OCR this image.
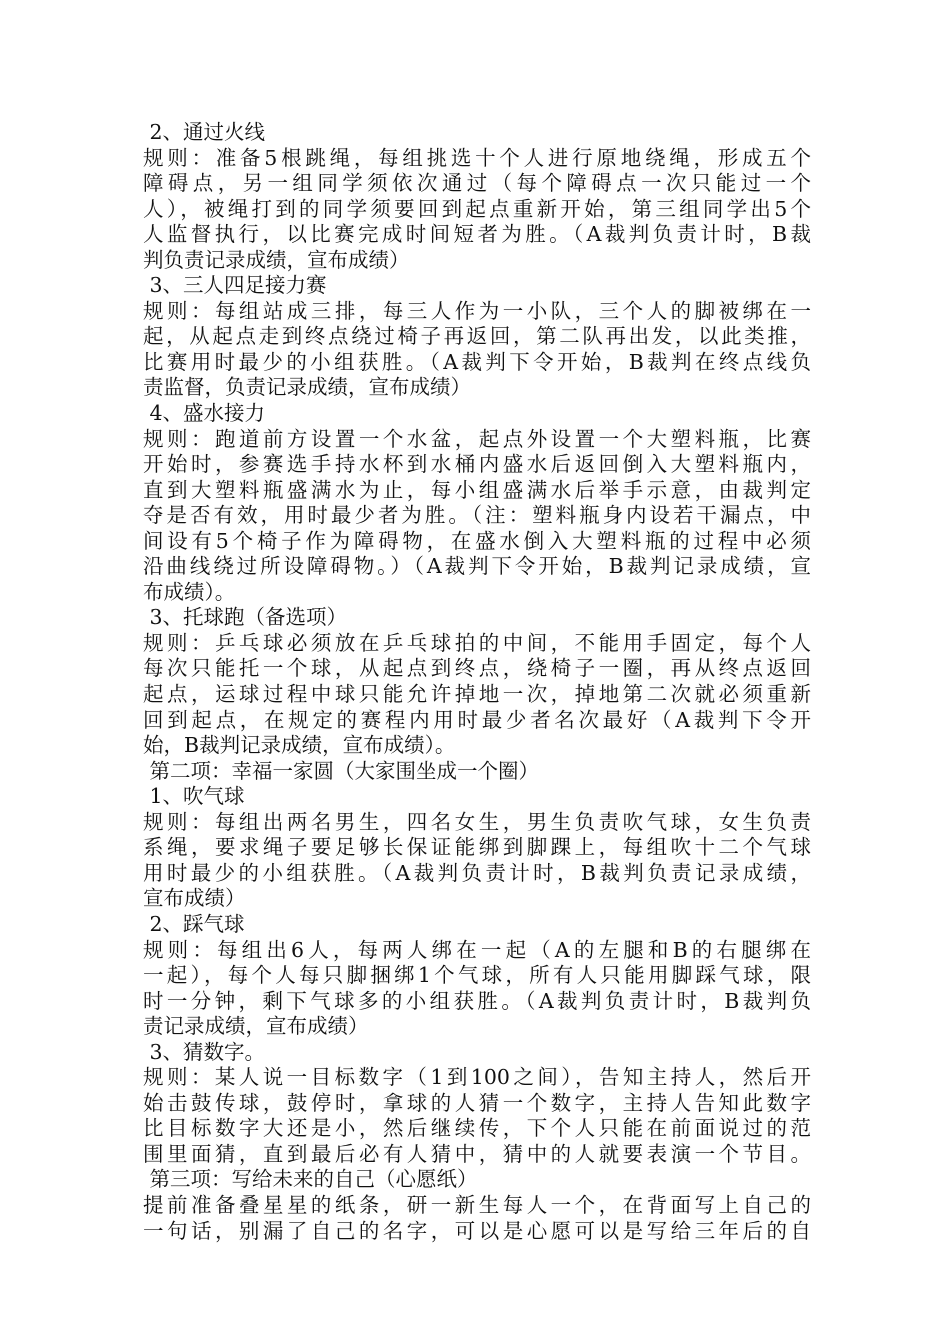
2、通过火线
规则：准备5根跳绳，每组挑选十个人进行原地绕绳，形成五个
障碍点，另一组同学须依次通过（每个障碍点一次只能过一个
人），被绳打到的同学须要回到起点重新开始，第三组同学出5个
人监督执行，以比赛完成时间短者为胜。（A裁判负责计时，B裁
判负责记录成绩，宣布成绩）
3、三人四足接力赛
规则：每组站成三排，每三人作为一小队，三个人的脚被绑在一
起，从起点走到终点绕过椅子再返回，第二队再出发，以此类推，
比赛用时最少的小组获胜。（A裁判下令开始，B裁判在终点线负
责监督，负责记录成绩，宣布成绩）
4、盛水接力
规则：跑道前方设置一个水盆，起点外设置一个大塑料瓶，比赛
开始时，参赛选手持水杯到水桶内盛水后返回倒入大塑料瓶内，
直到大塑料瓶盛满水为止，每小组盛满水后举手示意，由裁判定
夺是否有效，用时最少者为胜。（注：塑料瓶身内设若干漏点，中
间设有5个椅子作为障碍物，在盛水倒入大塑料瓶的过程中必须
沿曲线绕过所设障碍物。）（A裁判下令开始，B裁判记录成绩，宣
布成绩）。
3、托球跑（备选项）
规则：乒乓球必须放在乒乓球拍的中间，不能用手固定，每个人
每次只能托一个球，从起点到终点，绕椅子一圈，再从终点返回
起点，运球过程中球只能允许掉地一次，掉地第二次就必须重新
回到起点，在规定的赛程内用时最少者名次最好（A裁判下令开
始，B裁判记录成绩，宣布成绩）。
第二项：幸福一家圆（大家围坐成一个圈）
1、吹气球
规则：每组出两名男生，四名女生，男生负责吹气球，女生负责
系绳，要求绳子要足够长保证能绑到脚踝上，每组吹十二个气球
用时最少的小组获胜。（A裁判负责计时，B裁判负责记录成绩，
宣布成绩）
2、踩气球
规则：每组出6人，每两人绑在一起（A的左腿和B的右腿绑在
一起），每个人每只脚捆绑1个气球，所有人只能用脚踩气球，限
时一分钟，剩下气球多的小组获胜。（A裁判负责计时，B裁判负
责记录成绩，宣布成绩）
3、猜数字。
规则：某人说一目标数字（1到100之间），告知主持人，然后开
始击鼓传球，鼓停时，拿球的人猜一个数字，主持人告知此数字
比目标数字大还是小，然后继续传，下个人只能在前面说过的范
围里面猜，直到最后必有人猜中，猜中的人就要表演一个节目。
第三项：写给未来的自己（心愿纸）
提前准备叠星星的纸条，研一新生每人一个，在背面写上自己的
一句话，别漏了自己的名字，可以是心愿可以是写给三年后的自
